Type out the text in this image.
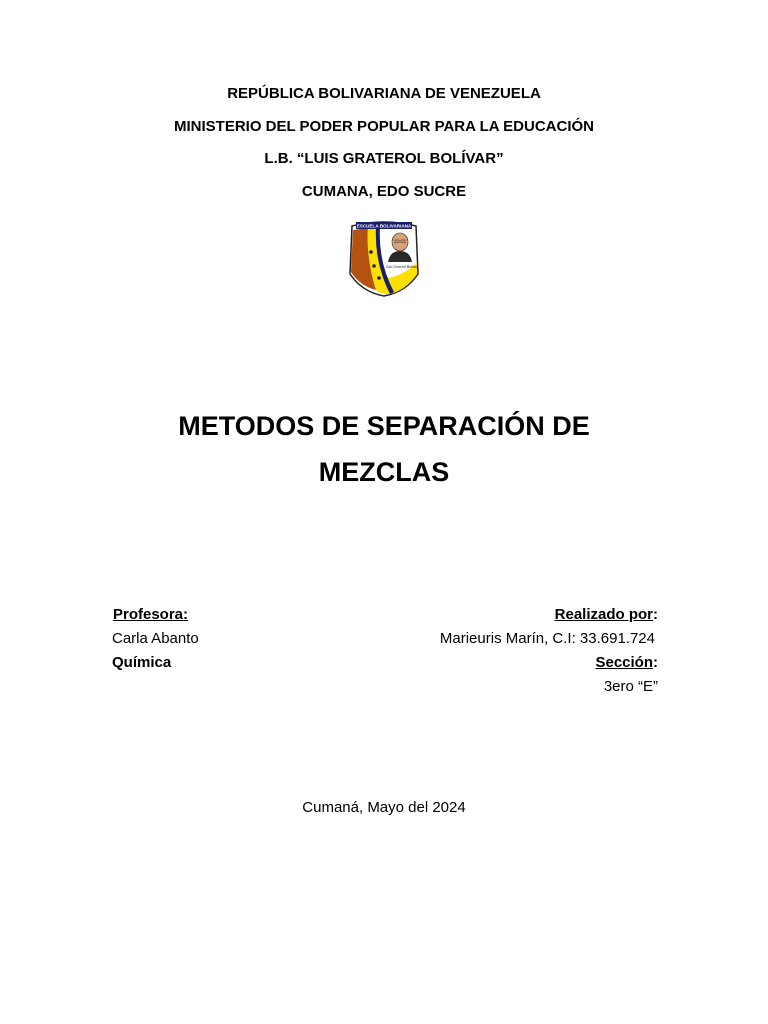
REPÚBLICA BOLIVARIANA DE VENEZUELA
MINISTERIO DEL PODER POPULAR PARA LA EDUCACIÓN
L.B. “LUIS GRATEROL BOLÍVAR”
CUMANA, EDO SUCRE
ESCUELA BOLIVARIANA
Luis Graterol Bolívar
METODOS DE SEPARACIÓN DE
MEZCLAS
Profesora:
Carla Abanto
Química
Realizado por:
Marieuris Marín, C.I: 33.691.724
Sección:
3ero “E”
Cumaná, Mayo del 2024
